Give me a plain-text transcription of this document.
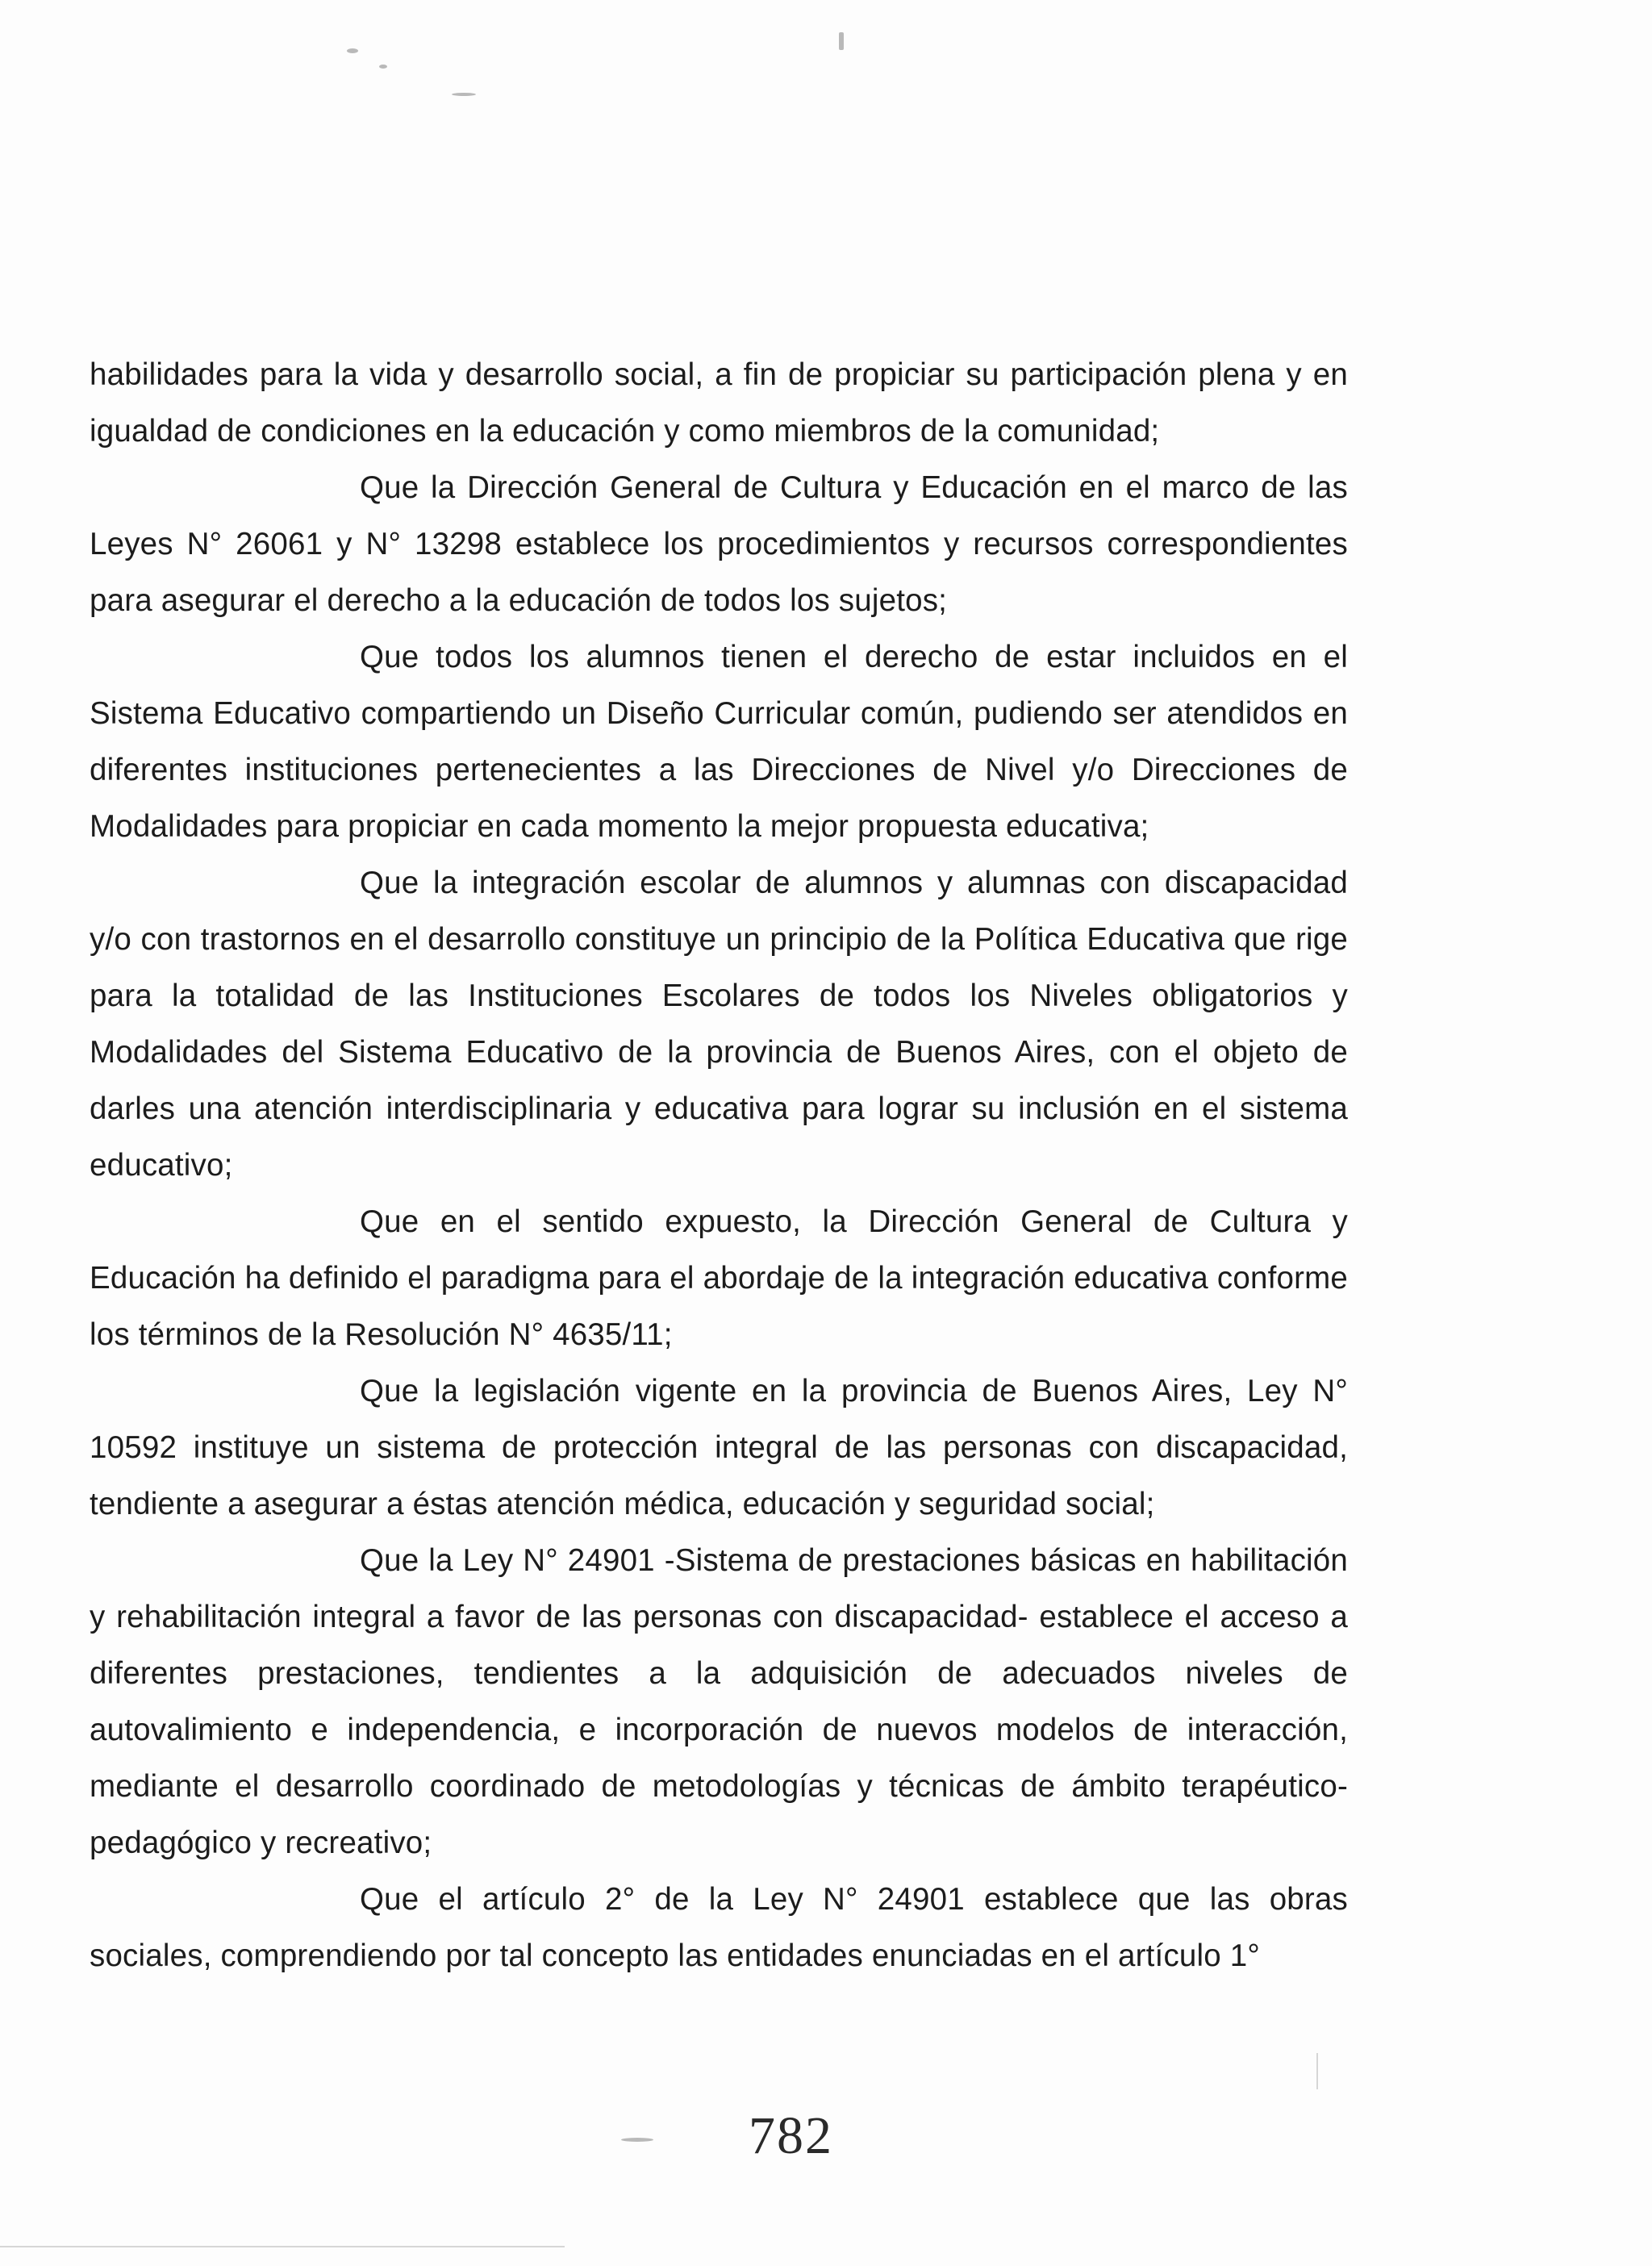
habilidades para la vida y desarrollo social, a fin de propiciar su participación plena y en igualdad de condiciones en la educación y como miembros de la comunidad;

Que la Dirección General de Cultura y Educación en el marco de las Leyes N° 26061 y N° 13298 establece los procedimientos y recursos correspondientes para asegurar el derecho a la educación de todos los sujetos;

Que todos los alumnos tienen el derecho de estar incluidos en el Sistema Educativo compartiendo un Diseño Curricular común, pudiendo ser atendidos en diferentes instituciones pertenecientes a las Direcciones de Nivel y/o Direcciones de Modalidades para propiciar en cada momento la mejor propuesta educativa;

Que la integración escolar de alumnos y alumnas con discapacidad y/o con trastornos en el desarrollo constituye un principio de la Política Educativa que rige para la totalidad de las Instituciones Escolares de todos los Niveles obligatorios y Modalidades del Sistema Educativo de la provincia de Buenos Aires, con el objeto de darles una atención interdisciplinaria y educativa para lograr su inclusión en el sistema educativo;

Que en el sentido expuesto, la Dirección General de Cultura y Educación ha definido el paradigma para el abordaje de la integración educativa conforme los términos de la Resolución N° 4635/11;

Que la legislación vigente en la provincia de Buenos Aires, Ley N° 10592 instituye un sistema de protección integral de las personas con discapacidad, tendiente a asegurar a éstas atención médica, educación y seguridad social;

Que la Ley N° 24901 -Sistema de prestaciones básicas en habilitación y rehabilitación integral a favor de las personas con discapacidad- establece el acceso a diferentes prestaciones, tendientes a la adquisición de adecuados niveles de autovalimiento e independencia, e incorporación de nuevos modelos de interacción, mediante el desarrollo coordinado de metodologías y técnicas de ámbito terapéutico-pedagógico y recreativo;

Que el artículo 2° de la Ley N° 24901 establece que las obras sociales, comprendiendo por tal concepto las entidades enunciadas en el artículo 1°

782
